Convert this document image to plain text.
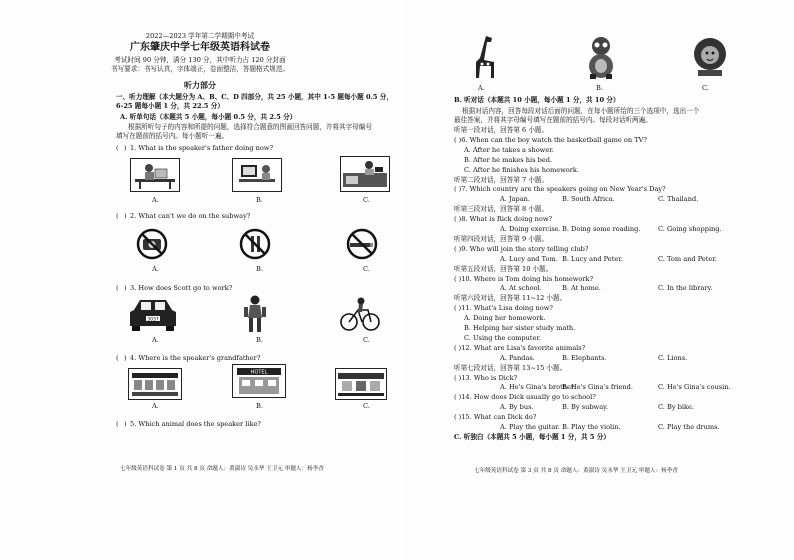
2022—2023 学年第二学期期中考试
广东肇庆中学七年级英语科试卷
考试时间 90 分钟，满分 130 分，其中听力占 120 分封面
书写要求：书写认真，字体端正，卷面整洁，答题格式规范。
听力部分
一、听力理解（本大题分为 A、B、C、D 四部分，共 25 小题，其中 1-5 题每小题 0.5 分，
6-25 题每小题 1 分，共 22.5 分）
A. 听单句话（本题共 5 小题，每小题 0.5 分，共 2.5 分）
根据所听句子的内容和所提的问题，选择符合题意的图画回答问题，并将其字母编号
填写在题前的括号内。每小题听一遍。
( ) 1. What is the speaker's father doing now?
A.	B.	C.
( ) 2. What can't we do on the subway?
A.	B.	C.
( ) 3. How does Scott go to work?
3037
A.	B.	C.
( ) 4. Where is the speaker's grandfather?
HOTEL
A.	B.	C.
( ) 5. Which animal does the speaker like?
七年级英语科试卷 第 1 页 共 8 页 命题人：黄淑诗 吴永华 王卫元 审题人：杨李香
A.	B.	C.
B. 听对话（本题共 10 小题，每小题 1 分，共 10 分）
根据对话内容，回答每段对话后面的问题，在每小题所给的三个选项中，选出一个
最佳答案，并将其字母编号填写在题前的括号内。每段对话听两遍。
听第一段对话，回答第 6 小题。
( )6. When can the boy watch the basketball game on TV?
A. After he takes a shower.
B. After he makes his bed.
C. After he finishes his homework.
听第二段对话，回答第 7 小题。
( )7. Which country are the speakers going on New Year's Day?
A. Japan.	B. South Africa.	C. Thailand.
听第三段对话，回答第 8 小题。
( )8. What is Rick doing now?
A. Doing exercise. B. Doing some reading.	C. Going shopping.
听第四段对话，回答第 9 小题。
( )9. Who will join the story telling club?
A. Lucy and Tom. B. Lucy and Peter.	C. Tom and Peter.
听第五段对话，回答第 10 小题。
( )10. Where is Tom doing his homework?
A. At school.	B. At home.	C. In the library.
听第六段对话，回答第 11~12 小题。
( )11. What's Lisa doing now?
A. Doing her homework.
B. Helping her sister study math.
C. Using the computer.
( )12. What are Lisa's favorite animals?
A. Pandas.	B. Elephants.	C. Lions.
听第七段对话，回答第 13~15 小题。
( )13. Who is Dick?
A. He's Gina's brother.
B. He's Gina's friend.	C. He's Gina's cousin.
( )14. How does Dick usually go to school?
A. By bus.	B. By subway.	C. By bike.
( )15. What can Dick do?
A. Play the guitar. B. Play the violin.	C. Play the drums.
C. 听独白（本题共 5 小题，每小题 1 分，共 5 分）
七年级英语科试卷 第 3 页 共 8 页 命题人：黄淑诗 吴永华 王卫元 审题人：杨李香
